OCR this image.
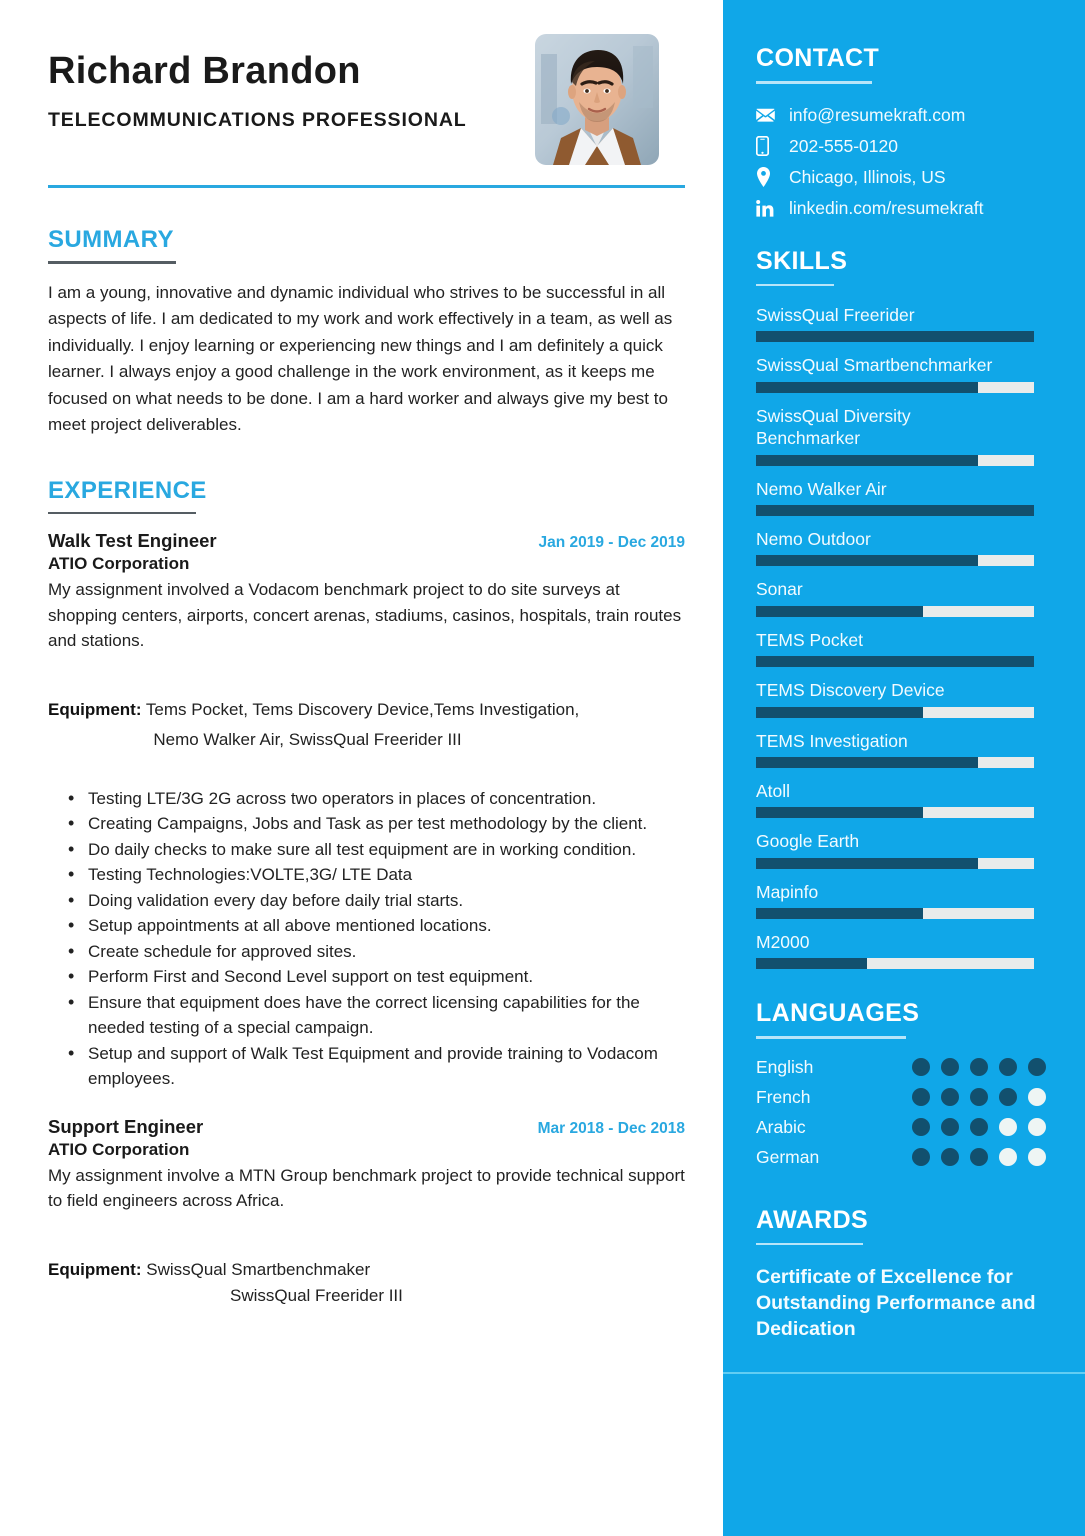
Richard Brandon
TELECOMMUNICATIONS PROFESSIONAL
SUMMARY
I am a young, innovative and dynamic individual who strives to be successful in all aspects of life. I am dedicated to my work and work effectively in a team, as well as individually. I enjoy learning or experiencing new things and I am definitely a quick learner. I always enjoy a good challenge in the work environment, as it keeps me focused on what needs to be done. I am a hard worker and always give my best to meet project deliverables.
EXPERIENCE
Walk Test Engineer	Jan 2019 - Dec 2019
ATIO Corporation
My assignment involved a Vodacom benchmark project to do site surveys at shopping centers, airports, concert arenas, stadiums, casinos, hospitals, train routes and stations.
Equipment: Tems Pocket, Tems Discovery Device,Tems Investigation,
Nemo Walker Air, SwissQual Freerider III
• Testing LTE/3G 2G across two operators in places of concentration.
• Creating Campaigns, Jobs and Task as per test methodology by the client.
• Do daily checks to make sure all test equipment are in working condition.
• Testing Technologies:VOLTE,3G/ LTE Data
• Doing validation every day before daily trial starts.
• Setup appointments at all above mentioned locations.
• Create schedule for approved sites.
• Perform First and Second Level support on test equipment.
• Ensure that equipment does have the correct licensing capabilities for the needed testing of a special campaign.
• Setup and support of Walk Test Equipment and provide training to Vodacom employees.
Support Engineer	Mar 2018 - Dec 2018
ATIO Corporation
My assignment involve a MTN Group benchmark project to provide technical support to field engineers across Africa.
Equipment: SwissQual Smartbenchmaker
SwissQual Freerider III
CONTACT
info@resumekraft.com
202-555-0120
Chicago, Illinois, US
linkedin.com/resumekraft
SKILLS
SwissQual Freerider
SwissQual Smartbenchmarker
SwissQual Diversity Benchmarker
Nemo Walker Air
Nemo Outdoor
Sonar
TEMS Pocket
TEMS Discovery Device
TEMS Investigation
Atoll
Google Earth
Mapinfo
M2000
LANGUAGES
English
French
Arabic
German
AWARDS
Certificate of Excellence for Outstanding Performance and Dedication
